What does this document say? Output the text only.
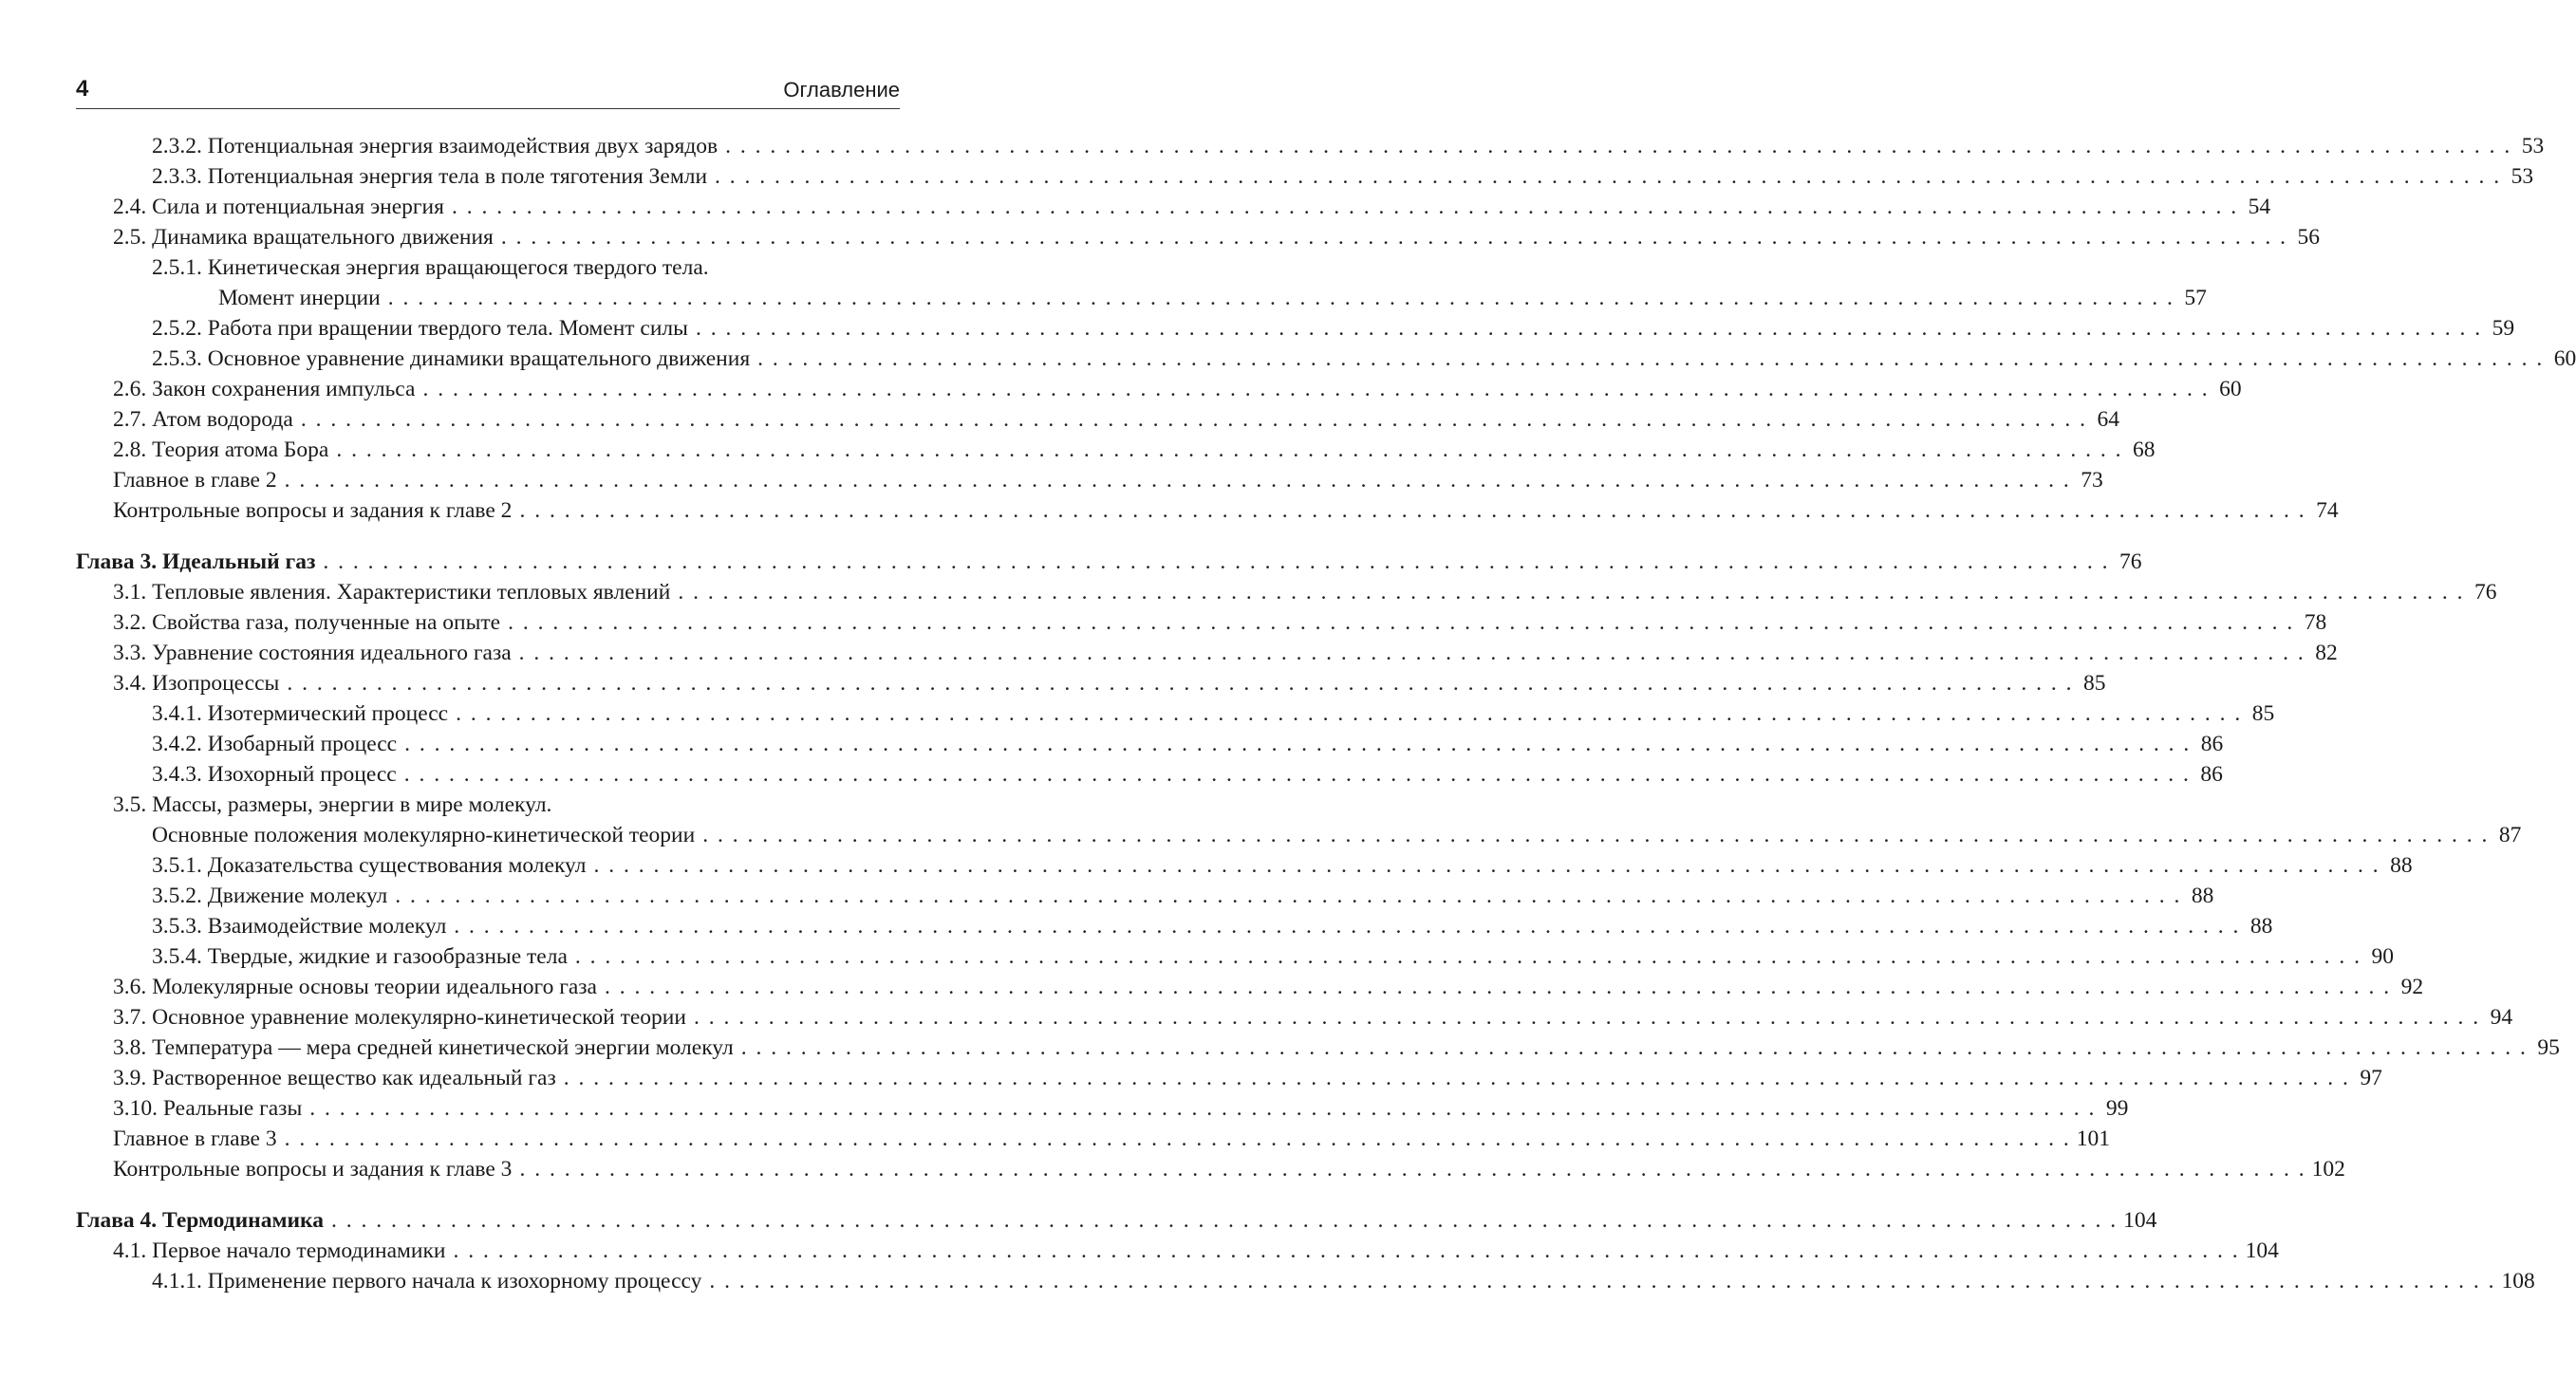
4	Оглавление
2.3.2. Потенциальная энергия взаимодействия двух зарядов . . . . . . . . . . . . . . . . . . . . . . . . . . . . . . . . . . . . . . . . . . . . . . . . . . . . . . . . . . . . . . . . . . . . . . . . . . . . . . . . . . . . . . . . . . . . . . . . . . . . . . . . . . . . . . . . . . . . . . . . 53
2.3.3. Потенциальная энергия тела в поле тяготения Земли . . . . . . . . . . . . . . . . . . . . . . . . . . . . . . . . . . . . . . . . . . . . . . . . . . . . . . . . . . . . . . . . . . . . . . . . . . . . . . . . . . . . . . . . . . . . . . . . . . . . . . . . . . . . . . . . . . . . . . . . 53
2.4. Сила и потенциальная энергия . . . . . . . . . . . . . . . . . . . . . . . . . . . . . . . . . . . . . . . . . . . . . . . . . . . . . . . . . . . . . . . . . . . . . . . . . . . . . . . . . . . . . . . . . . . . . . . . . . . . . . . . . . . . . . . . . . . . . . . . 54
2.5. Динамика вращательного движения . . . . . . . . . . . . . . . . . . . . . . . . . . . . . . . . . . . . . . . . . . . . . . . . . . . . . . . . . . . . . . . . . . . . . . . . . . . . . . . . . . . . . . . . . . . . . . . . . . . . . . . . . . . . . . . . . . . . . . . . 56
2.5.1. Кинетическая энергия вращающегося твердого тела.
Момент инерции . . . . . . . . . . . . . . . . . . . . . . . . . . . . . . . . . . . . . . . . . . . . . . . . . . . . . . . . . . . . . . . . . . . . . . . . . . . . . . . . . . . . . . . . . . . . . . . . . . . . . . . . . . . . . . . . . . . . . . . . 57
2.5.2. Работа при вращении твердого тела. Момент силы . . . . . . . . . . . . . . . . . . . . . . . . . . . . . . . . . . . . . . . . . . . . . . . . . . . . . . . . . . . . . . . . . . . . . . . . . . . . . . . . . . . . . . . . . . . . . . . . . . . . . . . . . . . . . . . . . . . . . . . . 59
2.5.3. Основное уравнение динамики вращательного движения . . . . . . . . . . . . . . . . . . . . . . . . . . . . . . . . . . . . . . . . . . . . . . . . . . . . . . . . . . . . . . . . . . . . . . . . . . . . . . . . . . . . . . . . . . . . . . . . . . . . . . . . . . . . . . . . . . . . . . . . 60
2.6. Закон сохранения импульса . . . . . . . . . . . . . . . . . . . . . . . . . . . . . . . . . . . . . . . . . . . . . . . . . . . . . . . . . . . . . . . . . . . . . . . . . . . . . . . . . . . . . . . . . . . . . . . . . . . . . . . . . . . . . . . . . . . . . . . . 60
2.7. Атом водорода . . . . . . . . . . . . . . . . . . . . . . . . . . . . . . . . . . . . . . . . . . . . . . . . . . . . . . . . . . . . . . . . . . . . . . . . . . . . . . . . . . . . . . . . . . . . . . . . . . . . . . . . . . . . . . . . . . . . . . . . 64
2.8. Теория атома Бора . . . . . . . . . . . . . . . . . . . . . . . . . . . . . . . . . . . . . . . . . . . . . . . . . . . . . . . . . . . . . . . . . . . . . . . . . . . . . . . . . . . . . . . . . . . . . . . . . . . . . . . . . . . . . . . . . . . . . . . . 68
Главное в главе 2 . . . . . . . . . . . . . . . . . . . . . . . . . . . . . . . . . . . . . . . . . . . . . . . . . . . . . . . . . . . . . . . . . . . . . . . . . . . . . . . . . . . . . . . . . . . . . . . . . . . . . . . . . . . . . . . . . . . . . . . . 73
Контрольные вопросы и задания к главе 2 . . . . . . . . . . . . . . . . . . . . . . . . . . . . . . . . . . . . . . . . . . . . . . . . . . . . . . . . . . . . . . . . . . . . . . . . . . . . . . . . . . . . . . . . . . . . . . . . . . . . . . . . . . . . . . . . . . . . . . . . 74
Глава 3. Идеальный газ . . . . . . . . . . . . . . . . . . . . . . . . . . . . . . . . . . . . . . . . . . . . . . . . . . . . . . . . . . . . . . . . . . . . . . . . . . . . . . . . . . . . . . . . . . . . . . . . . . . . . . . . . . . . . . . . . . . . . . . . 76
3.1. Тепловые явления. Характеристики тепловых явлений . . . . . . . . . . . . . . . . . . . . . . . . . . . . . . . . . . . . . . . . . . . . . . . . . . . . . . . . . . . . . . . . . . . . . . . . . . . . . . . . . . . . . . . . . . . . . . . . . . . . . . . . . . . . . . . . . . . . . . . . 76
3.2. Свойства газа, полученные на опыте . . . . . . . . . . . . . . . . . . . . . . . . . . . . . . . . . . . . . . . . . . . . . . . . . . . . . . . . . . . . . . . . . . . . . . . . . . . . . . . . . . . . . . . . . . . . . . . . . . . . . . . . . . . . . . . . . . . . . . . . 78
3.3. Уравнение состояния идеального газа . . . . . . . . . . . . . . . . . . . . . . . . . . . . . . . . . . . . . . . . . . . . . . . . . . . . . . . . . . . . . . . . . . . . . . . . . . . . . . . . . . . . . . . . . . . . . . . . . . . . . . . . . . . . . . . . . . . . . . . . 82
3.4. Изопроцессы . . . . . . . . . . . . . . . . . . . . . . . . . . . . . . . . . . . . . . . . . . . . . . . . . . . . . . . . . . . . . . . . . . . . . . . . . . . . . . . . . . . . . . . . . . . . . . . . . . . . . . . . . . . . . . . . . . . . . . . . 85
3.4.1. Изотермический процесс . . . . . . . . . . . . . . . . . . . . . . . . . . . . . . . . . . . . . . . . . . . . . . . . . . . . . . . . . . . . . . . . . . . . . . . . . . . . . . . . . . . . . . . . . . . . . . . . . . . . . . . . . . . . . . . . . . . . . . . . 85
3.4.2. Изобарный процесс . . . . . . . . . . . . . . . . . . . . . . . . . . . . . . . . . . . . . . . . . . . . . . . . . . . . . . . . . . . . . . . . . . . . . . . . . . . . . . . . . . . . . . . . . . . . . . . . . . . . . . . . . . . . . . . . . . . . . . . . 86
3.4.3. Изохорный процесс . . . . . . . . . . . . . . . . . . . . . . . . . . . . . . . . . . . . . . . . . . . . . . . . . . . . . . . . . . . . . . . . . . . . . . . . . . . . . . . . . . . . . . . . . . . . . . . . . . . . . . . . . . . . . . . . . . . . . . . . 86
3.5. Массы, размеры, энергии в мире молекул.
Основные положения молекулярно-кинетической теории . . . . . . . . . . . . . . . . . . . . . . . . . . . . . . . . . . . . . . . . . . . . . . . . . . . . . . . . . . . . . . . . . . . . . . . . . . . . . . . . . . . . . . . . . . . . . . . . . . . . . . . . . . . . . . . . . . . . . . . . 87
3.5.1. Доказательства существования молекул . . . . . . . . . . . . . . . . . . . . . . . . . . . . . . . . . . . . . . . . . . . . . . . . . . . . . . . . . . . . . . . . . . . . . . . . . . . . . . . . . . . . . . . . . . . . . . . . . . . . . . . . . . . . . . . . . . . . . . . . 88
3.5.2. Движение молекул . . . . . . . . . . . . . . . . . . . . . . . . . . . . . . . . . . . . . . . . . . . . . . . . . . . . . . . . . . . . . . . . . . . . . . . . . . . . . . . . . . . . . . . . . . . . . . . . . . . . . . . . . . . . . . . . . . . . . . . . 88
3.5.3. Взаимодействие молекул . . . . . . . . . . . . . . . . . . . . . . . . . . . . . . . . . . . . . . . . . . . . . . . . . . . . . . . . . . . . . . . . . . . . . . . . . . . . . . . . . . . . . . . . . . . . . . . . . . . . . . . . . . . . . . . . . . . . . . . . 88
3.5.4. Твердые, жидкие и газообразные тела . . . . . . . . . . . . . . . . . . . . . . . . . . . . . . . . . . . . . . . . . . . . . . . . . . . . . . . . . . . . . . . . . . . . . . . . . . . . . . . . . . . . . . . . . . . . . . . . . . . . . . . . . . . . . . . . . . . . . . . . 90
3.6. Молекулярные основы теории идеального газа . . . . . . . . . . . . . . . . . . . . . . . . . . . . . . . . . . . . . . . . . . . . . . . . . . . . . . . . . . . . . . . . . . . . . . . . . . . . . . . . . . . . . . . . . . . . . . . . . . . . . . . . . . . . . . . . . . . . . . . . 92
3.7. Основное уравнение молекулярно-кинетической теории . . . . . . . . . . . . . . . . . . . . . . . . . . . . . . . . . . . . . . . . . . . . . . . . . . . . . . . . . . . . . . . . . . . . . . . . . . . . . . . . . . . . . . . . . . . . . . . . . . . . . . . . . . . . . . . . . . . . . . . . 94
3.8. Температура — мера средней кинетической энергии молекул . . . . . . . . . . . . . . . . . . . . . . . . . . . . . . . . . . . . . . . . . . . . . . . . . . . . . . . . . . . . . . . . . . . . . . . . . . . . . . . . . . . . . . . . . . . . . . . . . . . . . . . . . . . . . . . . . . . . . . . . 95
3.9. Растворенное вещество как идеальный газ . . . . . . . . . . . . . . . . . . . . . . . . . . . . . . . . . . . . . . . . . . . . . . . . . . . . . . . . . . . . . . . . . . . . . . . . . . . . . . . . . . . . . . . . . . . . . . . . . . . . . . . . . . . . . . . . . . . . . . . . 97
3.10. Реальные газы . . . . . . . . . . . . . . . . . . . . . . . . . . . . . . . . . . . . . . . . . . . . . . . . . . . . . . . . . . . . . . . . . . . . . . . . . . . . . . . . . . . . . . . . . . . . . . . . . . . . . . . . . . . . . . . . . . . . . . . . 99
Главное в главе 3 . . . . . . . . . . . . . . . . . . . . . . . . . . . . . . . . . . . . . . . . . . . . . . . . . . . . . . . . . . . . . . . . . . . . . . . . . . . . . . . . . . . . . . . . . . . . . . . . . . . . . . . . . . . . . . . . . . . . . . . . 101
Контрольные вопросы и задания к главе 3 . . . . . . . . . . . . . . . . . . . . . . . . . . . . . . . . . . . . . . . . . . . . . . . . . . . . . . . . . . . . . . . . . . . . . . . . . . . . . . . . . . . . . . . . . . . . . . . . . . . . . . . . . . . . . . . . . . . . . . . . 102
Глава 4. Термодинамика . . . . . . . . . . . . . . . . . . . . . . . . . . . . . . . . . . . . . . . . . . . . . . . . . . . . . . . . . . . . . . . . . . . . . . . . . . . . . . . . . . . . . . . . . . . . . . . . . . . . . . . . . . . . . . . . . . . . . . . . 104
4.1. Первое начало термодинамики . . . . . . . . . . . . . . . . . . . . . . . . . . . . . . . . . . . . . . . . . . . . . . . . . . . . . . . . . . . . . . . . . . . . . . . . . . . . . . . . . . . . . . . . . . . . . . . . . . . . . . . . . . . . . . . . . . . . . . . . 104
4.1.1. Применение первого начала к изохорному процессу . . . . . . . . . . . . . . . . . . . . . . . . . . . . . . . . . . . . . . . . . . . . . . . . . . . . . . . . . . . . . . . . . . . . . . . . . . . . . . . . . . . . . . . . . . . . . . . . . . . . . . . . . . . . . . . . . . . . . . . . 108
